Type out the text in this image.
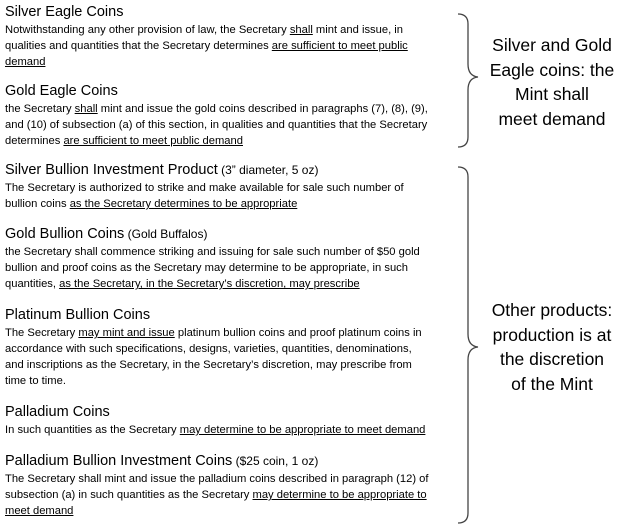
Silver Eagle Coins
Notwithstanding any other provision of law, the Secretary shall mint and issue, in
qualities and quantities that the Secretary determines are sufficient to meet public
demand
Gold Eagle Coins
the Secretary shall mint and issue the gold coins described in paragraphs (7), (8), (9),
and (10) of subsection (a) of this section, in qualities and quantities that the Secretary
determines are sufficient to meet public demand
Silver Bullion Investment Product (3” diameter, 5 oz)
The Secretary is authorized to strike and make available for sale such number of
bullion coins as the Secretary determines to be appropriate
Gold Bullion Coins (Gold Buffalos)
the Secretary shall commence striking and issuing for sale such number of $50 gold
bullion and proof coins as the Secretary may determine to be appropriate, in such
quantities, as the Secretary, in the Secretary’s discretion, may prescribe
Platinum Bullion Coins
The Secretary may mint and issue platinum bullion coins and proof platinum coins in
accordance with such specifications, designs, varieties, quantities, denominations,
and inscriptions as the Secretary, in the Secretary’s discretion, may prescribe from
time to time.
Palladium Coins
In such quantities as the Secretary may determine to be appropriate to meet demand
Palladium Bullion Investment Coins ($25 coin, 1 oz)
The Secretary shall mint and issue the palladium coins described in paragraph (12) of
subsection (a) in such quantities as the Secretary may determine to be appropriate to
meet demand
Silver and Gold
Eagle coins: the
Mint shall
meet demand
Other products:
production is at
the discretion
of the Mint
